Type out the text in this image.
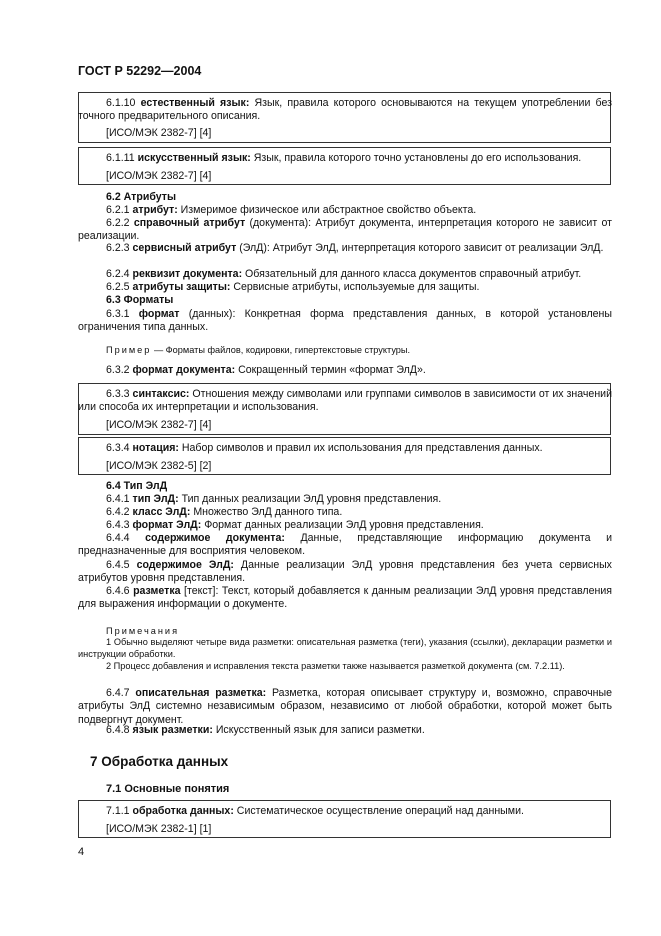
ГОСТ Р 52292—2004

6.1.10 естественный язык: Язык, правила которого основываются на текущем употреблении без точного предварительного описания.

[ИСО/МЭК 2382-7] [4]

6.1.11 искусственный язык: Язык, правила которого точно установлены до его использования.

[ИСО/МЭК 2382-7] [4]

6.2 Атрибуты

6.2.1 атрибут: Измеримое физическое или абстрактное свойство объекта.

6.2.2 справочный атрибут (документа): Атрибут документа, интерпретация которого не зависит от реализации.

6.2.3 сервисный атрибут (ЭлД): Атрибут ЭлД, интерпретация которого зависит от реализации ЭлД.

6.2.4 реквизит документа: Обязательный для данного класса документов справочный атрибут.

6.2.5 атрибуты защиты: Сервисные атрибуты, используемые для защиты.

6.3 Форматы

6.3.1 формат (данных): Конкретная форма представления данных, в которой установлены ограничения типа данных.

Пример — Форматы файлов, кодировки, гипертекстовые структуры.

6.3.2 формат документа: Сокращенный термин «формат ЭлД».

6.3.3 синтаксис: Отношения между символами или группами символов в зависимости от их значений или способа их интерпретации и использования.

[ИСО/МЭК 2382-7] [4]

6.3.4 нотация: Набор символов и правил их использования для представления данных.

[ИСО/МЭК 2382-5] [2]

6.4 Тип ЭлД

6.4.1 тип ЭлД: Тип данных реализации ЭлД уровня представления.

6.4.2 класс ЭлД: Множество ЭлД данного типа.

6.4.3 формат ЭлД: Формат данных реализации ЭлД уровня представления.

6.4.4 содержимое документа: Данные, представляющие информацию документа и предназначенные для восприятия человеком.

6.4.5 содержимое ЭлД: Данные реализации ЭлД уровня представления без учета сервисных атрибутов уровня представления.

6.4.6 разметка [текст]: Текст, который добавляется к данным реализации ЭлД уровня представления для выражения информации о документе.

Примечания

1 Обычно выделяют четыре вида разметки: описательная разметка (теги), указания (ссылки), декларации разметки и инструкции обработки.

2 Процесс добавления и исправления текста разметки также называется разметкой документа (см. 7.2.11).

6.4.7 описательная разметка: Разметка, которая описывает структуру и, возможно, справочные атрибуты ЭлД системно независимым образом, независимо от любой обработки, которой может быть подвергнут документ.

6.4.8 язык разметки: Искусственный язык для записи разметки.

7 Обработка данных
7.1 Основные понятия

7.1.1 обработка данных: Систематическое осуществление операций над данными.

[ИСО/МЭК 2382-1] [1]

4
